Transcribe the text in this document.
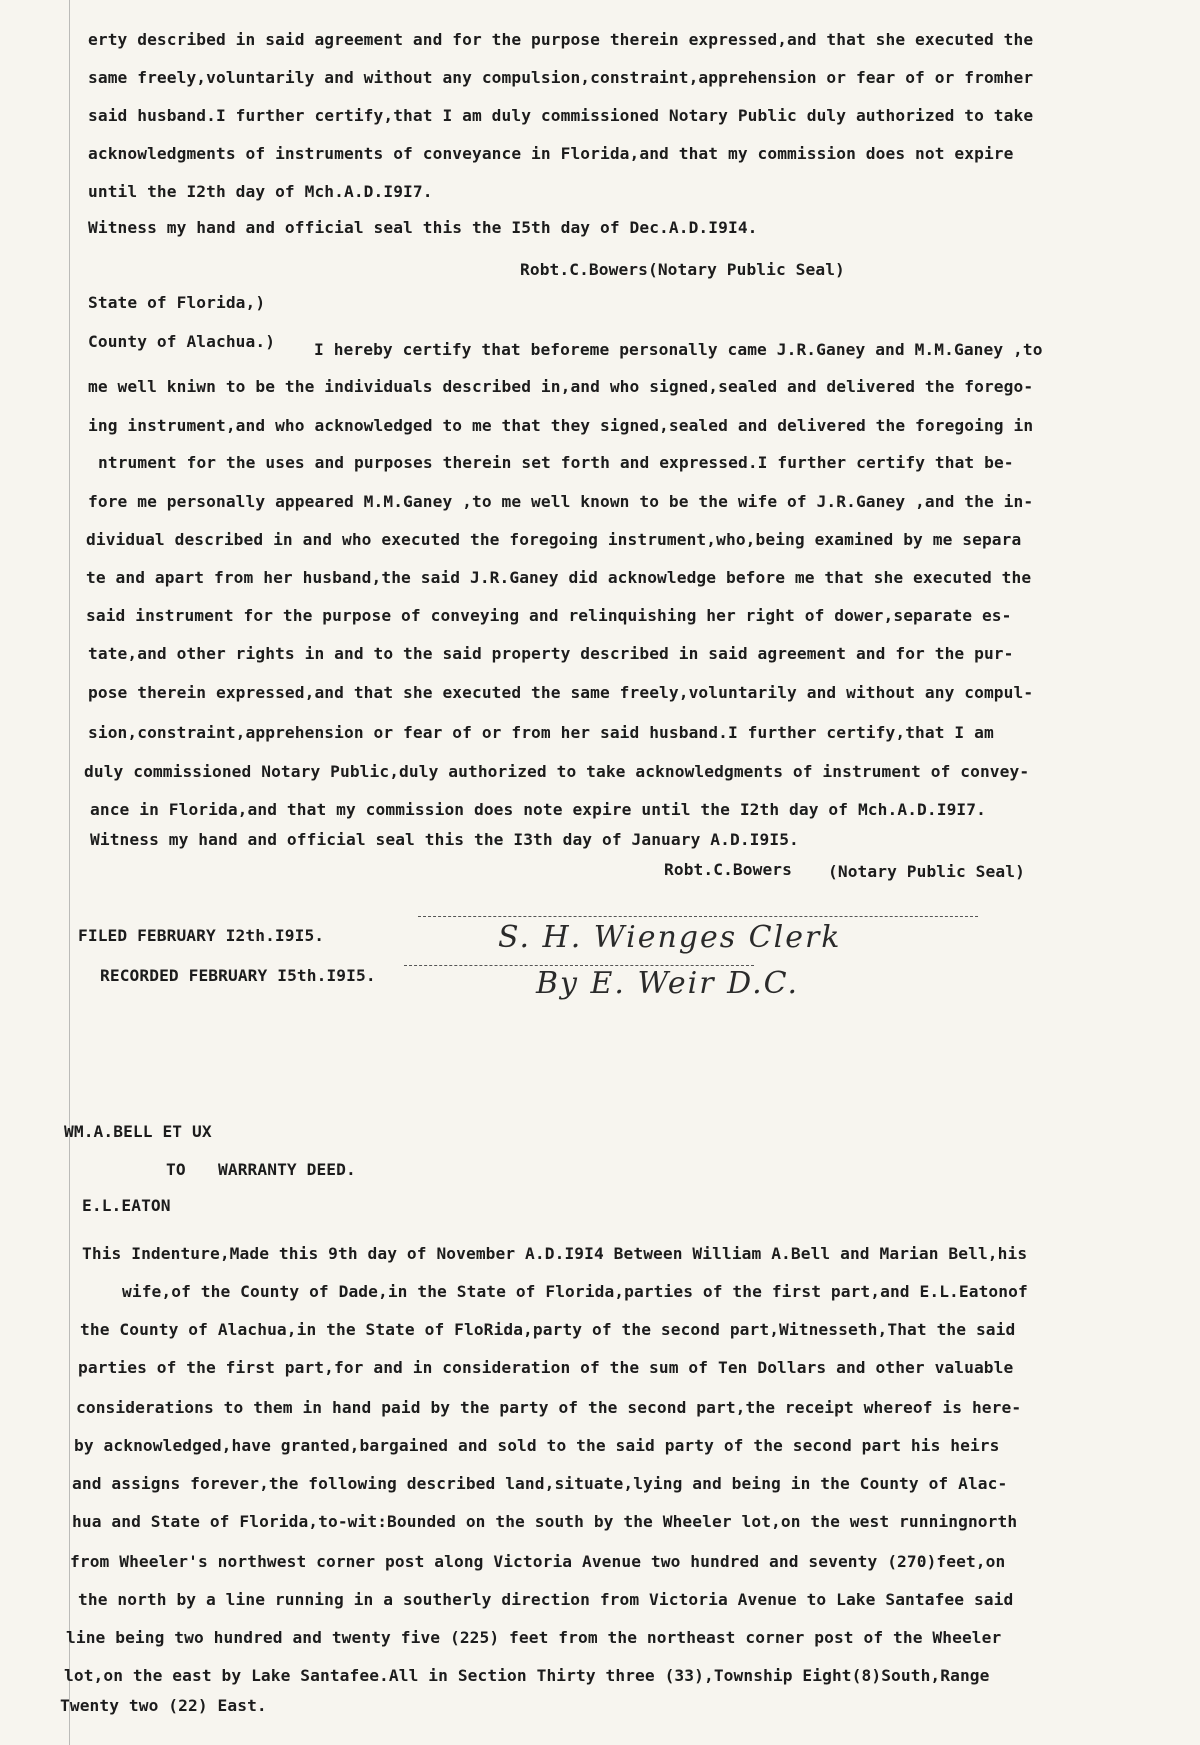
erty described in said agreement and for the purpose therein expressed,and that she executed the
same freely,voluntarily and without any compulsion,constraint,apprehension or fear of or fromher
said husband.I further certify,that I am duly commissioned Notary Public duly authorized to take
acknowledgments of instruments of conveyance in Florida,and that my commission does not expire
until the I2th day of Mch.A.D.I9I7.
Witness my hand and official seal this the I5th day of Dec.A.D.I9I4.
Robt.C.Bowers(Notary Public Seal)
State of Florida,)
County of Alachua.) I hereby certify that beforeme personally came J.R.Ganey and M.M.Ganey ,to
me well kniwn to be the individuals described in,and who signed,sealed and delivered the forego-
ing instrument,and who acknowledged to me that they signed,sealed and delivered the foregoing in
ntrument for the uses and purposes therein set forth and expressed.I further certify that be-
fore me personally appeared M.M.Ganey ,to me well known to be the wife of J.R.Ganey ,and the in-
dividual described in and who executed the foregoing instrument,who,being examined by me separa
te and apart from her husband,the said J.R.Ganey did acknowledge before me that she executed the
said instrument for the purpose of conveying and relinquishing her right of dower,separate es-
tate,and other rights in and to the said property described in said agreement and for the pur-
pose therein expressed,and that she executed the same freely,voluntarily and without any compul-
sion,constraint,apprehension or fear of or from her said husband.I further certify,that I am
duly commissioned Notary Public,duly authorized to take acknowledgments of instrument of convey-
ance in Florida,and that my commission does note expire until the I2th day of Mch.A.D.I9I7.
Witness my hand and official seal this the I3th day of January A.D.I9I5.
Robt.C.Bowers (Notary Public Seal)
FILED FEBRUARY I2th.I9I5.
RECORDED FEBRUARY I5th.I9I5.
S. H. Wienges Clerk
By E. Weir D.C.
WM.A.BELL ET UX
TO WARRANTY DEED.
E.L.EATON
This Indenture,Made this 9th day of November A.D.I9I4 Between William A.Bell and Marian Bell,his
wife,of the County of Dade,in the State of Florida,parties of the first part,and E.L.Eatonof
the County of Alachua,in the State of FloRida,party of the second part,Witnesseth,That the said
parties of the first part,for and in consideration of the sum of Ten Dollars and other valuable
considerations to them in hand paid by the party of the second part,the receipt whereof is here-
by acknowledged,have granted,bargained and sold to the said party of the second part his heirs
and assigns forever,the following described land,situate,lying and being in the County of Alac-
hua and State of Florida,to-wit:Bounded on the south by the Wheeler lot,on the west runningnorth
from Wheeler's northwest corner post along Victoria Avenue two hundred and seventy (270)feet,on
the north by a line running in a southerly direction from Victoria Avenue to Lake Santafee said
line being two hundred and twenty five (225) feet from the northeast corner post of the Wheeler
lot,on the east by Lake Santafee.All in Section Thirty three (33),Township Eight(8)South,Range
Twenty two (22) East.
